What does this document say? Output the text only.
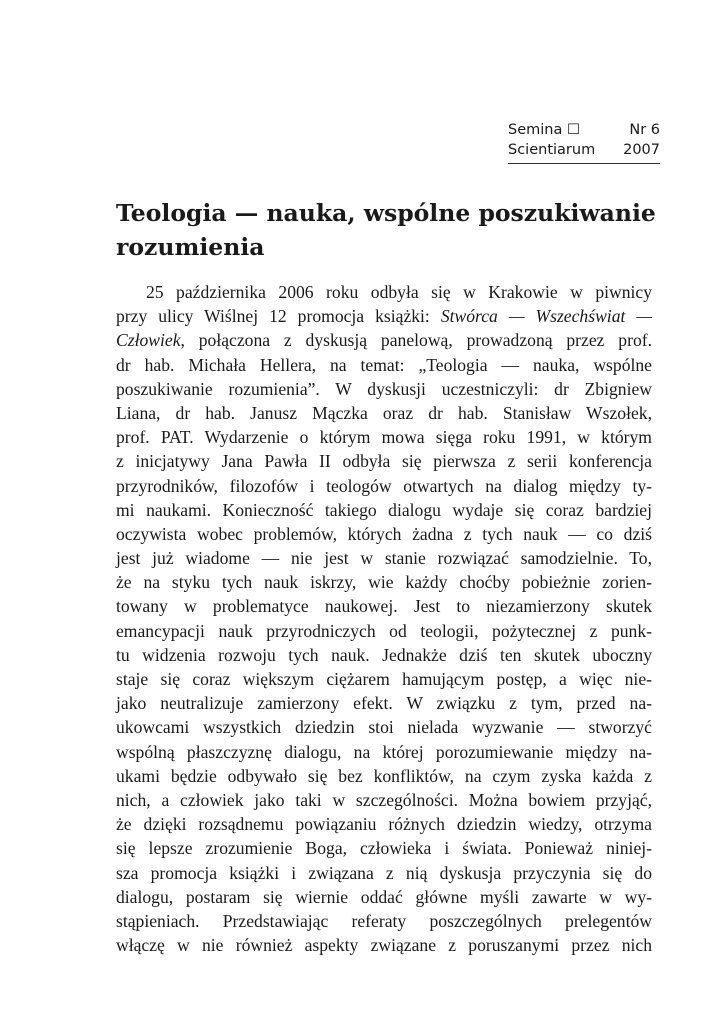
Semina ☐	Nr 6
Scientiarum 2007
Teologia — nauka, wspólne poszukiwanie
rozumienia
25 października 2006 roku odbyła się w Krakowie w piwnicy
przy ulicy Wiślnej 12 promocja książki: Stwórca — Wszechświat —
Człowiek, połączona z dyskusją panelową, prowadzoną przez prof.
dr hab. Michała Hellera, na temat: „Teologia — nauka, wspólne
poszukiwanie rozumienia”. W dyskusji uczestniczyli: dr Zbigniew
Liana, dr hab. Janusz Mączka oraz dr hab. Stanisław Wszołek,
prof. PAT. Wydarzenie o którym mowa sięga roku 1991, w którym
z inicjatywy Jana Pawła II odbyła się pierwsza z serii konferencja
przyrodników, filozofów i teologów otwartych na dialog między ty-
mi naukami. Konieczność takiego dialogu wydaje się coraz bardziej
oczywista wobec problemów, których żadna z tych nauk — co dziś
jest już wiadome — nie jest w stanie rozwiązać samodzielnie. To,
że na styku tych nauk iskrzy, wie każdy choćby pobieżnie zorien-
towany w problematyce naukowej. Jest to niezamierzony skutek
emancypacji nauk przyrodniczych od teologii, pożytecznej z punk-
tu widzenia rozwoju tych nauk. Jednakże dziś ten skutek uboczny
staje się coraz większym ciężarem hamującym postęp, a więc nie-
jako neutralizuje zamierzony efekt. W związku z tym, przed na-
ukowcami wszystkich dziedzin stoi nielada wyzwanie — stworzyć
wspólną płaszczyznę dialogu, na której porozumiewanie między na-
ukami będzie odbywało się bez konfliktów, na czym zyska każda z
nich, a człowiek jako taki w szczególności. Można bowiem przyjąć,
że dzięki rozsądnemu powiązaniu różnych dziedzin wiedzy, otrzyma
się lepsze zrozumienie Boga, człowieka i świata. Ponieważ niniej-
sza promocja książki i związana z nią dyskusja przyczynia się do
dialogu, postaram się wiernie oddać główne myśli zawarte w wy-
stąpieniach. Przedstawiając referaty poszczególnych prelegentów
włączę w nie również aspekty związane z poruszanymi przez nich
